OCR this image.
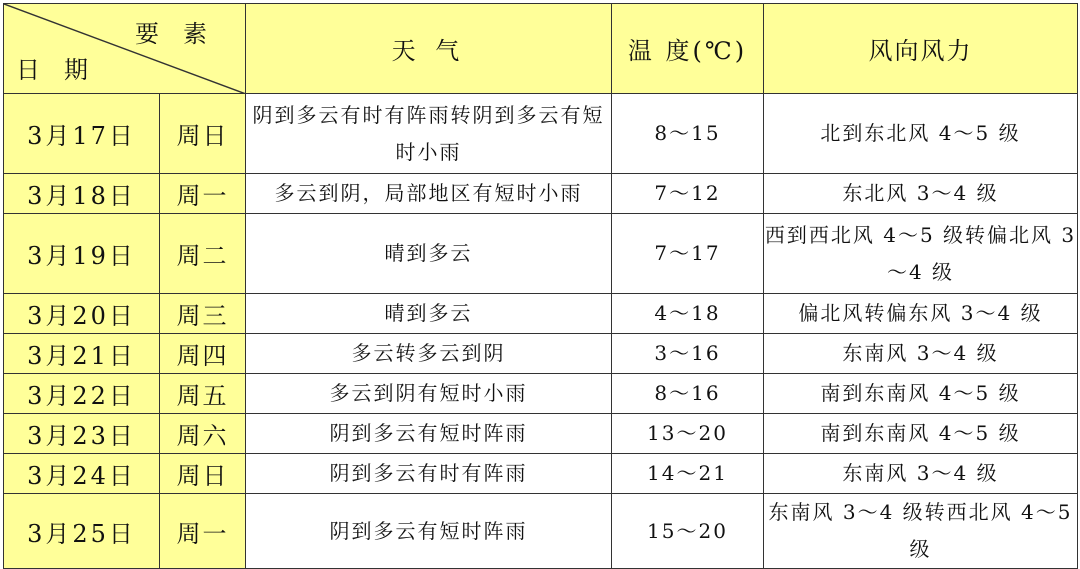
要素
日期		天 气	温 度(℃)	风向风力
3月17日	周日	阴到多云有时有阵雨转阴到多云有短时小雨	8～15	北到东北风 4～5 级
3月18日	周一	多云到阴，局部地区有短时小雨	7～12	东北风 3～4 级
3月19日	周二	晴到多云	7～17	西到西北风 4～5 级转偏北风 3～4 级
3月20日	周三	晴到多云	4～18	偏北风转偏东风 3～4 级
3月21日	周四	多云转多云到阴	3～16	东南风 3～4 级
3月22日	周五	多云到阴有短时小雨	8～16	南到东南风 4～5 级
3月23日	周六	阴到多云有短时阵雨	13～20	南到东南风 4～5 级
3月24日	周日	阴到多云有时有阵雨	14～21	东南风 3～4 级
3月25日	周一	阴到多云有短时阵雨	15～20	东南风 3～4 级转西北风 4～5 级
